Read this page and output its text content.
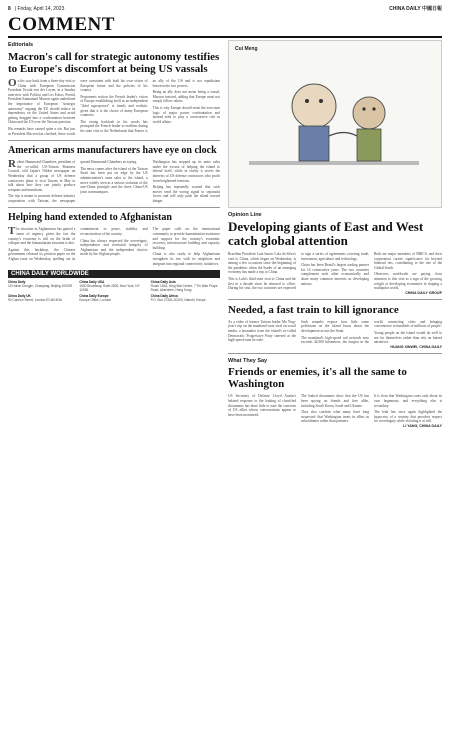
8 | Friday, April 14, 2023	CHINA DAILY 中國日報
COMMENT
Editorials
Macron's call for strategic autonomy testifies to Europe's discomfort at being US vassals

On his way back from a three-day visit to China with European Commission President Ursula von der Leyen, in a Sunday interview with Politico and Les Echos, French President Emmanuel Macron again underlined the importance of European "strategic autonomy" arguing the EU should reduce its dependency on the United States and avoid getting dragged into a confrontation between China and the US over the Taiwan question.

His remarks have caused quite a stir. But just as President Macron has clarified, these words were consistent with both his own vision of European future and the policies of his country.

Proponents reckon the French leader's vision of Europe establishing itself as an independent "third superpower" is timely and realistic given that it is the choice of many European countries.

The strong backlash to his words has prompted the French leader to reaffirm during his state visit to the Netherlands that France is an ally of the US and is not equidistant between the two powers.

Being an ally does not mean being a vassal, Macron insisted, adding that Europe must not simply follow others.

This is why Europe should resist the zero-sum logic of major power confrontation and instead seek to play a constructive role in world affairs.

American arms manufacturers have eye on clock

Robert Hammond-Chambers, president of the so-called US-Taiwan Business Council, told Japan's Nikkei newspaper on Wednesday that a group of US defense contractors plans to visit Taiwan in May to talk about how they can jointly produce weapons and munitions.

The trip is meant to promote defense industry cooperation with Taiwan, the newspaper quoted Hammond-Chambers as saying.

The news comes after the island of the Taiwan Strait has been put on edge by the US administration's arms sales to the island, a move widely seen as a serious violation of the one-China principle and the three China-US joint communiques.

Washington has stepped up its arms sales under the excuse of helping the island to defend itself, while in reality it serves the interests of US defense contractors who profit from heightened tensions.

Beijing has repeatedly warned that such moves send the wrong signal to separatist forces and will only push the island toward danger.

Helping hand extended to Afghanistan

The situation in Afghanistan has gained a sense of urgency given the fact the country's economy is still on the brink of collapse and the humanitarian situation is dire.

Against this backdrop, the Chinese government released its position paper on the Afghan issue on Wednesday, spelling out its commitment to peace, stability and reconstruction of the country.

China has always respected the sovereignty, independence and territorial integrity of Afghanistan and the independent choices made by the Afghan people.

The paper calls on the international community to provide humanitarian assistance and support for the country's economic recovery, infrastructure building and capacity building.

China is also ready to help Afghanistan strengthen its ties with its neighbors and integrate into regional connectivity initiatives.

CHINA DAILY WORLDWIDE
China Daily
15 Huixin Dongjie, Chaoyang, Beijing 100029
China Daily USA
1500 Broadway, Suite 2800, New York, NY 10036
China Daily Asia
Room 1818, Hing Wai Centre, 7 Tin Wan Praya Road, Aberdeen, Hong Kong
China Daily UK
90 Cannon Street, London EC4N 6HA
China Daily Europe
Europe Office, London
China Daily Africa
P.O. Box 27281-00100, Nairobi, Kenya
Cui Meng
Opinion Line
Developing giants of East and West catch global attention

Brazilian President Luiz Inacio Lula da Silva's visit to China, which began on Wednesday, is among a few occasions since the beginning of the pandemic when the leader of an emerging economy has made a trip to China.

This is Lula's third state visit to China and the first in a decade since he returned to office. During his visit, the two countries are expected to sign a series of agreements covering trade, investment, agriculture and technology.

China has been Brazil's largest trading partner for 14 consecutive years. The two countries complement each other economically and share many common interests as developing nations.

Both are major members of BRICS, and their cooperation carries significance far beyond bilateral ties, contributing to the rise of the Global South.

Observers worldwide are paying close attention to this visit as a sign of the growing weight of developing economies in shaping a multipolar world.

CHINA DAILY GROUP
Needed, a fast train to kill ignorance

As a video of former Taiwan leader Ma Ying-jeou's trip on the mainland went viral on social media, a lawmaker from the island's so-called Democratic Progressive Party sneered at the high-speed train he rode.

Such remarks expose how little some politicians on the island know about the development across the Strait.

The mainland's high-speed rail network now exceeds 42,000 kilometers, the longest in the world, connecting cities and bringing convenience to hundreds of millions of people.

Young people on the island would do well to see for themselves rather than rely on biased narratives.

HUANG XINWEI, CHINA DAILY
What They Say
Friends or enemies, it's all the same to Washington

US Secretary of Defense Lloyd Austin's belated response to the leaking of classified documents has done little to ease the concerns of US allies whose conversations appear to have been monitored.

The leaked documents show that the US has been spying on friends and foes alike, including South Korea, Israel and Ukraine.

They also confirm what many have long suspected: that Washington treats its allies as subordinates rather than partners.

It is clear that Washington cares only about its own hegemony, and everything else is secondary.

The leak has once again highlighted the hypocrisy of a country that preaches respect for sovereignty while violating it at will.

LI YANG, CHINA DAILY
